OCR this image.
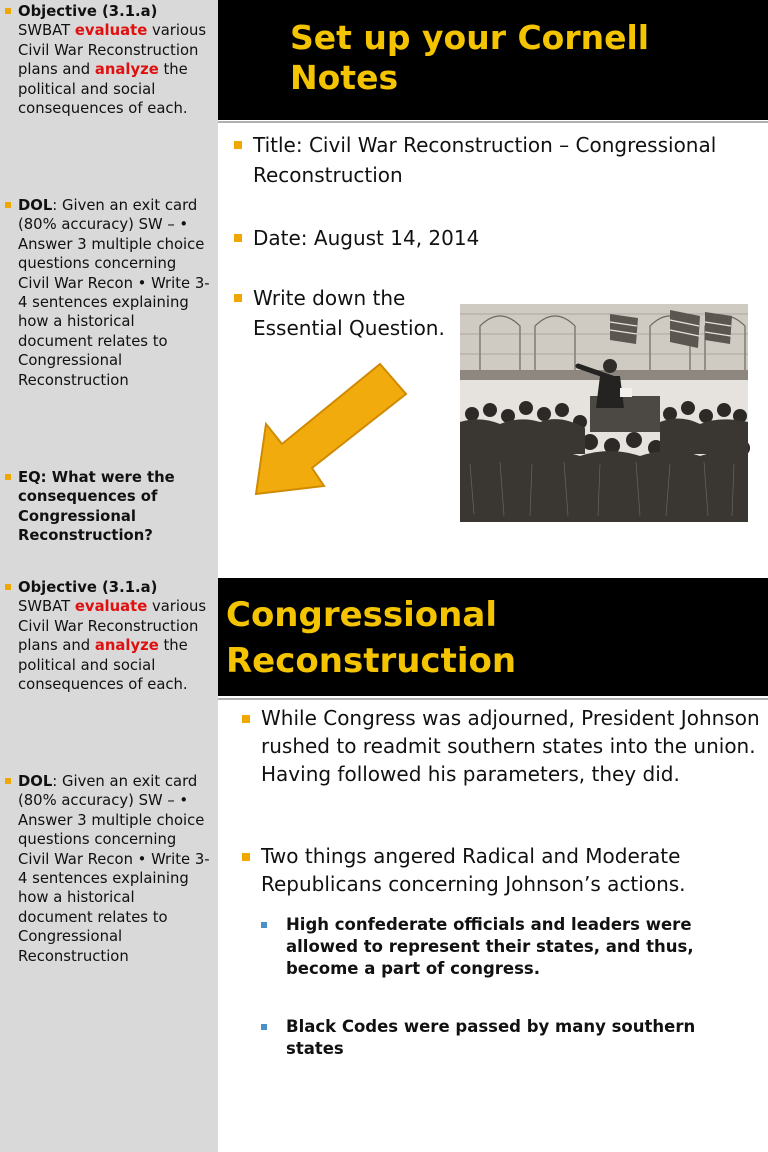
Objective (3.1.a)
SWBAT evaluate various Civil War Reconstruction plans and analyze the political and social consequences of each.
DOL: Given an exit card (80% accuracy) SW – • Answer 3 multiple choice questions concerning Civil War Recon • Write 3-4 sentences explaining how a historical document relates to Congressional Reconstruction
EQ: What were the consequences of Congressional Reconstruction?
Set up your Cornell
Notes
Title: Civil War Reconstruction – Congressional
Reconstruction
Date: August 14, 2014
Write down the
Essential Question.
Objective (3.1.a)
SWBAT evaluate various Civil War Reconstruction plans and analyze the political and social consequences of each.
DOL: Given an exit card (80% accuracy) SW – • Answer 3 multiple choice questions concerning Civil War Recon • Write 3-4 sentences explaining how a historical document relates to Congressional Reconstruction
Congressional
Reconstruction
While Congress was adjourned, President Johnson rushed to readmit southern states into the union. Having followed his parameters, they did.
Two things angered Radical and Moderate Republicans concerning Johnson’s actions.
High confederate officials and leaders were allowed to represent their states, and thus, become a part of congress.
Black Codes were passed by many southern states
